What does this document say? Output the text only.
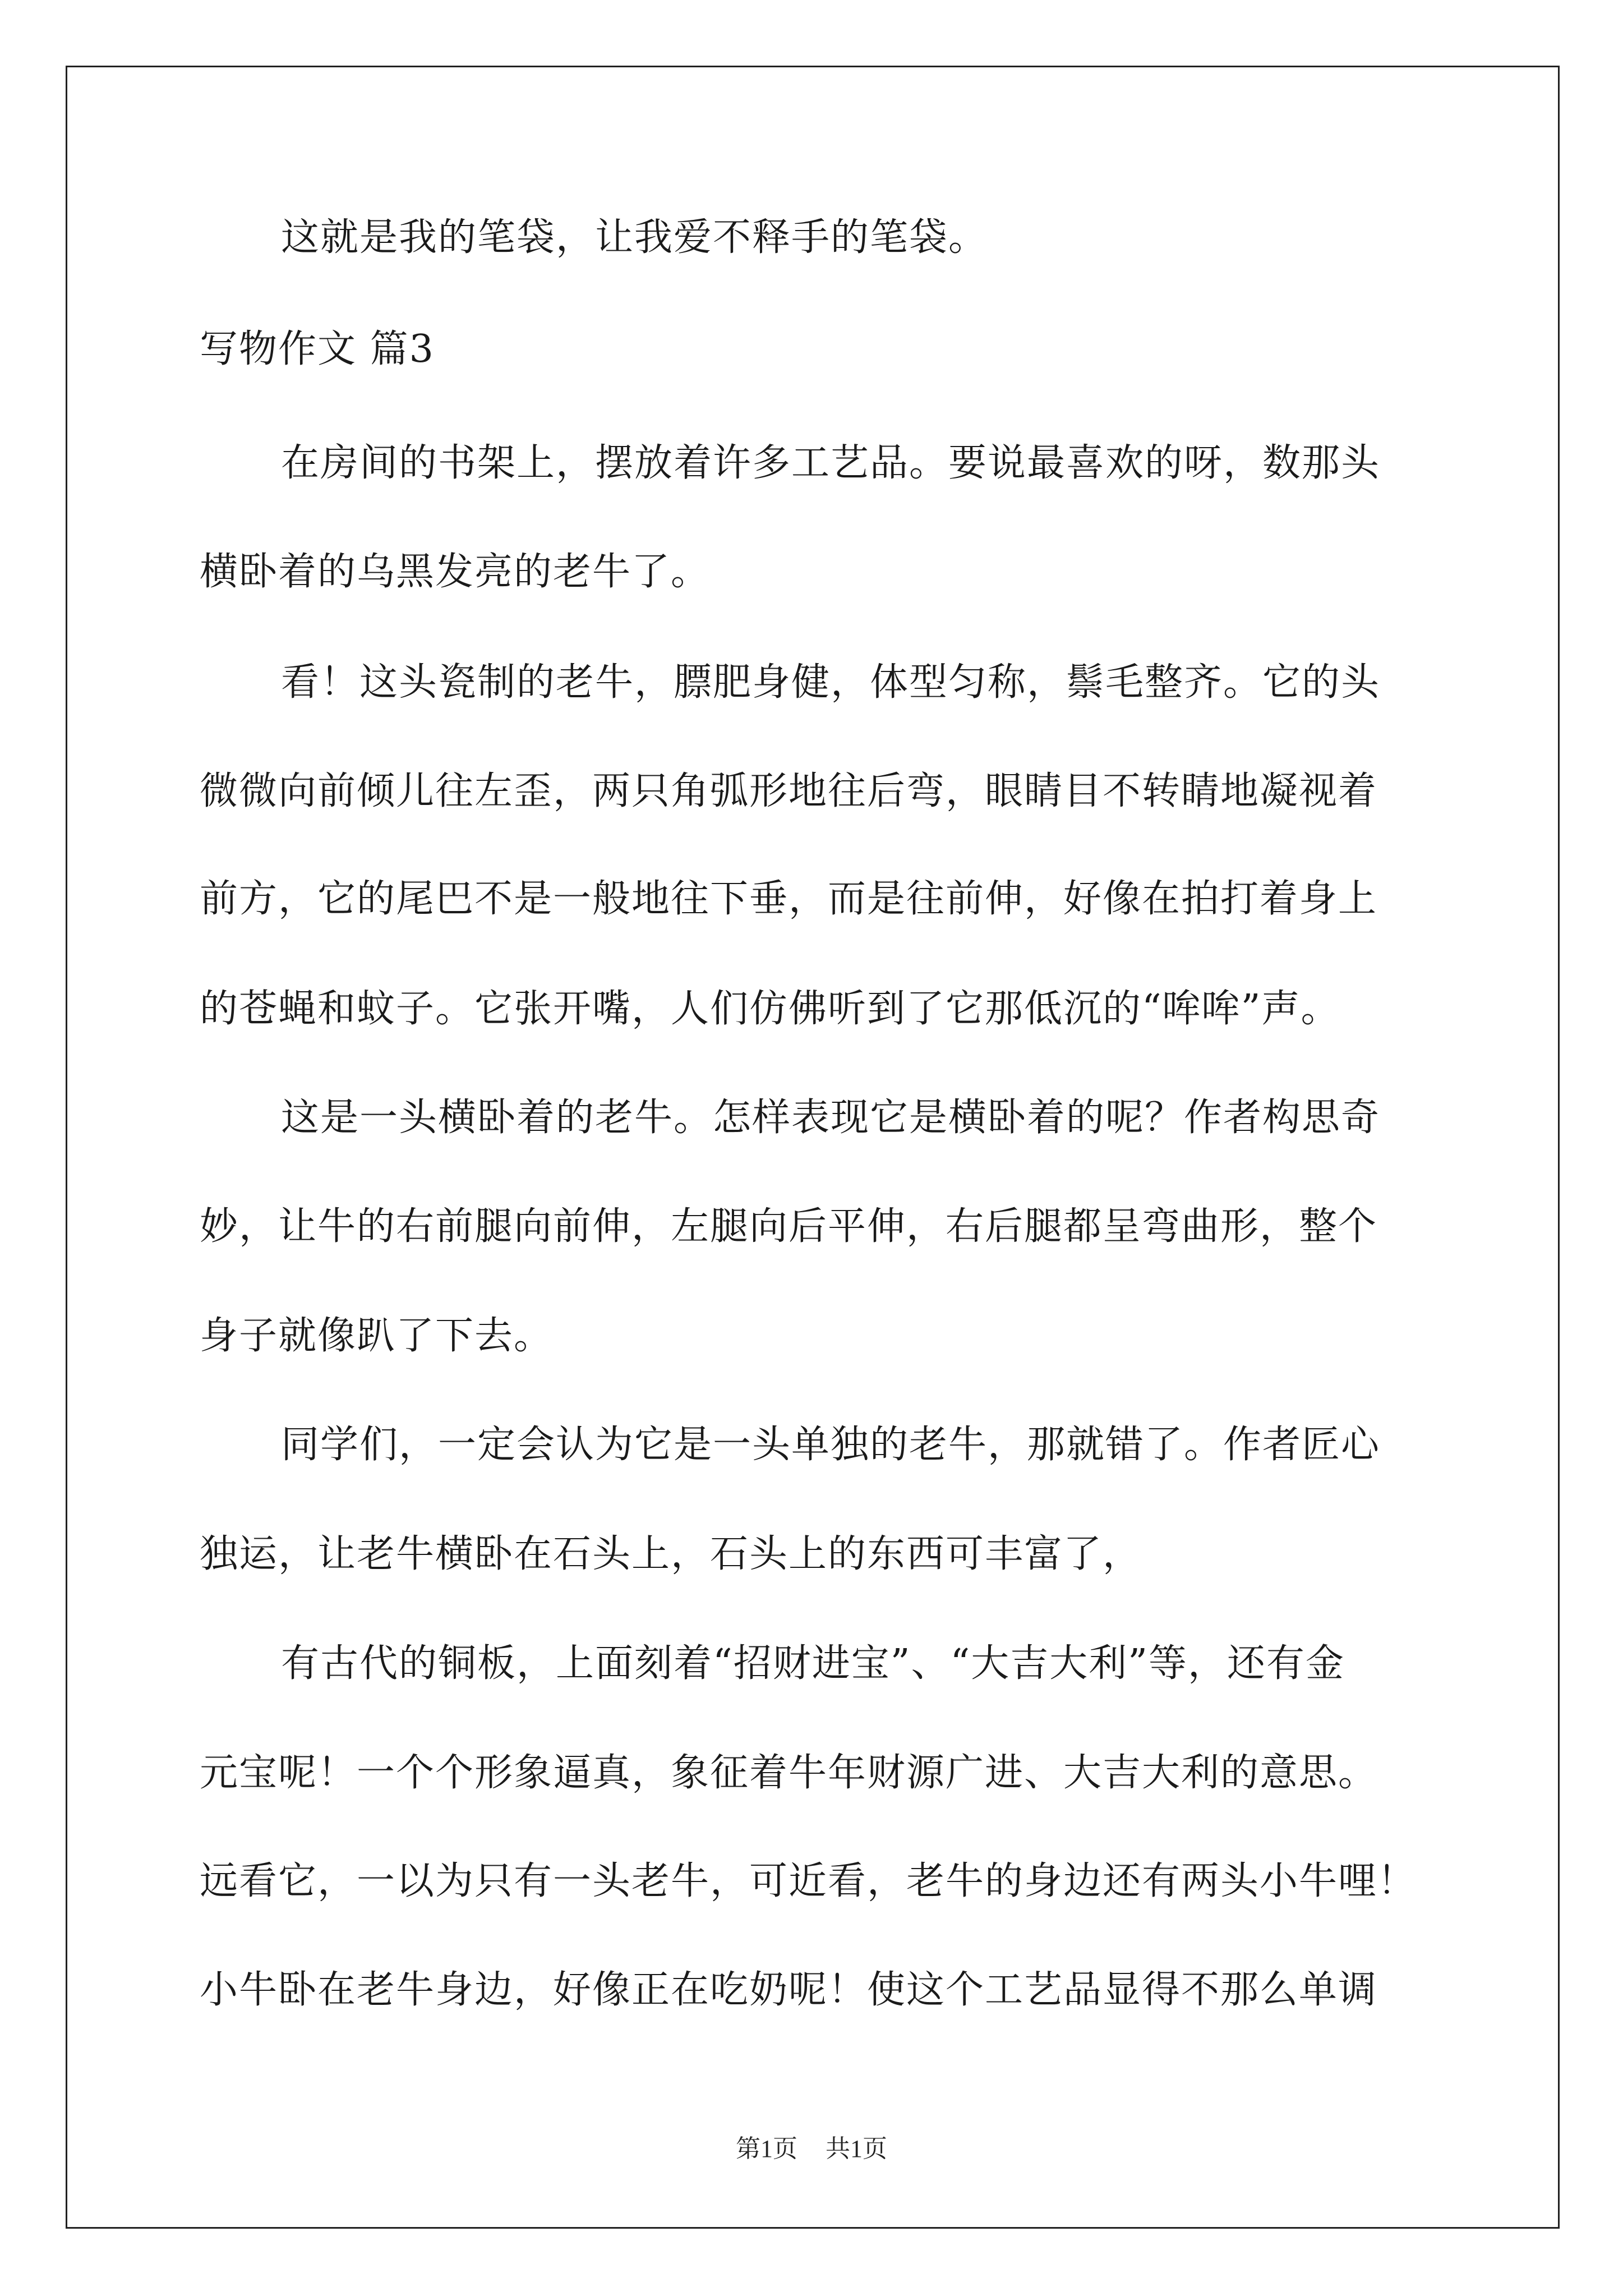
这就是我的笔袋，让我爱不释手的笔袋。
写物作文 篇3
在房间的书架上，摆放着许多工艺品。要说最喜欢的呀，数那头
横卧着的乌黑发亮的老牛了。
看！这头瓷制的老牛，膘肥身健，体型匀称，鬃毛整齐。它的头
微微向前倾儿往左歪，两只角弧形地往后弯，眼睛目不转睛地凝视着
前方，它的尾巴不是一般地往下垂，而是往前伸，好像在拍打着身上
的苍蝇和蚊子。它张开嘴，人们仿佛听到了它那低沉的“哞哞”声。
这是一头横卧着的老牛。怎样表现它是横卧着的呢？作者构思奇
妙，让牛的右前腿向前伸，左腿向后平伸，右后腿都呈弯曲形，整个
身子就像趴了下去。
同学们，一定会认为它是一头单独的老牛，那就错了。作者匠心
独运，让老牛横卧在石头上，石头上的东西可丰富了，
有古代的铜板，上面刻着“招财进宝”、“大吉大利”等，还有金
元宝呢！一个个形象逼真，象征着牛年财源广进、大吉大利的意思。
远看它，一以为只有一头老牛，可近看，老牛的身边还有两头小牛哩！
小牛卧在老牛身边，好像正在吃奶呢！使这个工艺品显得不那么单调
第1页 共1页
